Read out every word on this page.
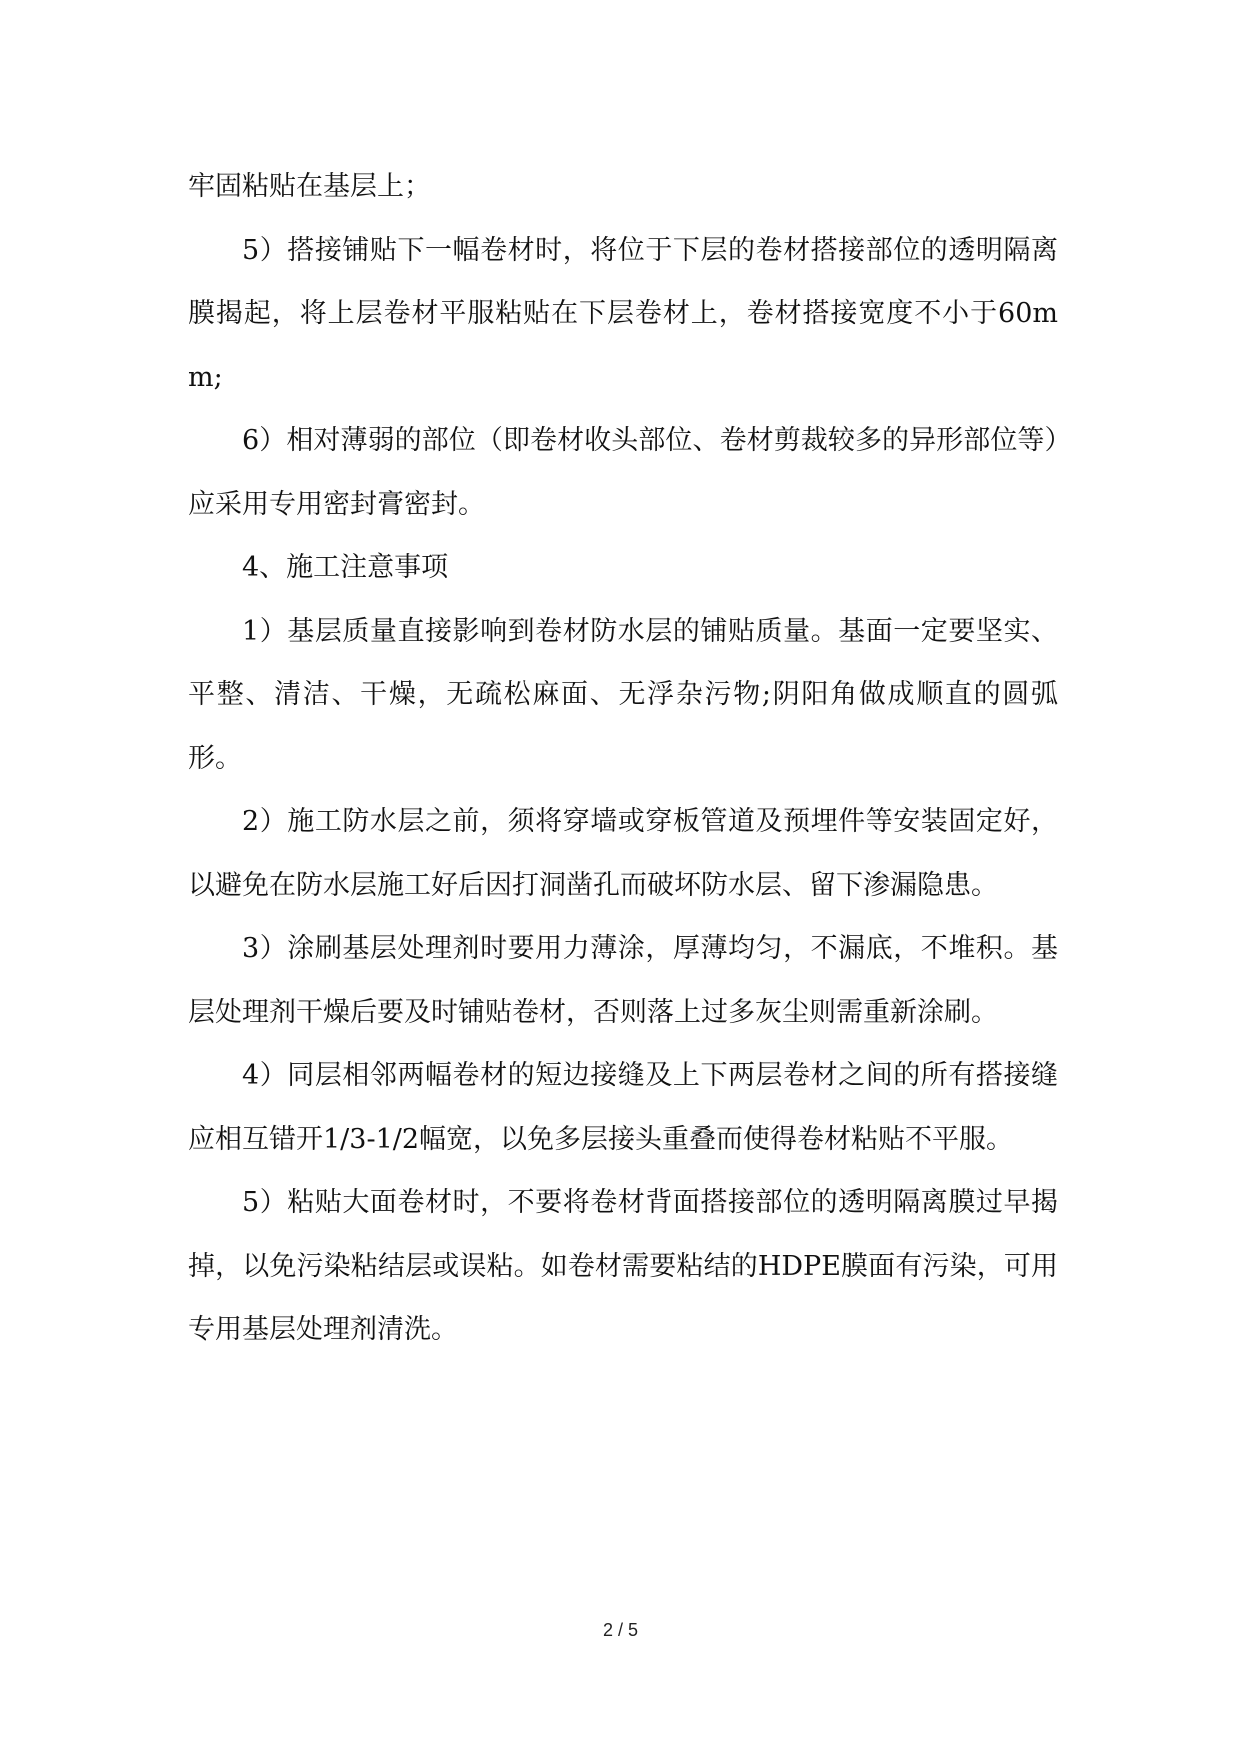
牢固粘贴在基层上；

5）搭接铺贴下一幅卷材时，将位于下层的卷材搭接部位的透明隔离膜揭起，将上层卷材平服粘贴在下层卷材上，卷材搭接宽度不小于60mm;

6）相对薄弱的部位（即卷材收头部位、卷材剪裁较多的异形部位等）应采用专用密封膏密封。

4、施工注意事项

1）基层质量直接影响到卷材防水层的铺贴质量。基面一定要坚实、平整、清洁、干燥，无疏松麻面、无浮杂污物;阴阳角做成顺直的圆弧形。

2）施工防水层之前，须将穿墙或穿板管道及预埋件等安装固定好，以避免在防水层施工好后因打洞凿孔而破坏防水层、留下渗漏隐患。

3）涂刷基层处理剂时要用力薄涂，厚薄均匀，不漏底，不堆积。基层处理剂干燥后要及时铺贴卷材，否则落上过多灰尘则需重新涂刷。

4）同层相邻两幅卷材的短边接缝及上下两层卷材之间的所有搭接缝应相互错开1/3-1/2幅宽，以免多层接头重叠而使得卷材粘贴不平服。

5）粘贴大面卷材时，不要将卷材背面搭接部位的透明隔离膜过早揭掉，以免污染粘结层或误粘。如卷材需要粘结的HDPE膜面有污染，可用专用基层处理剂清洗。

2 / 5
